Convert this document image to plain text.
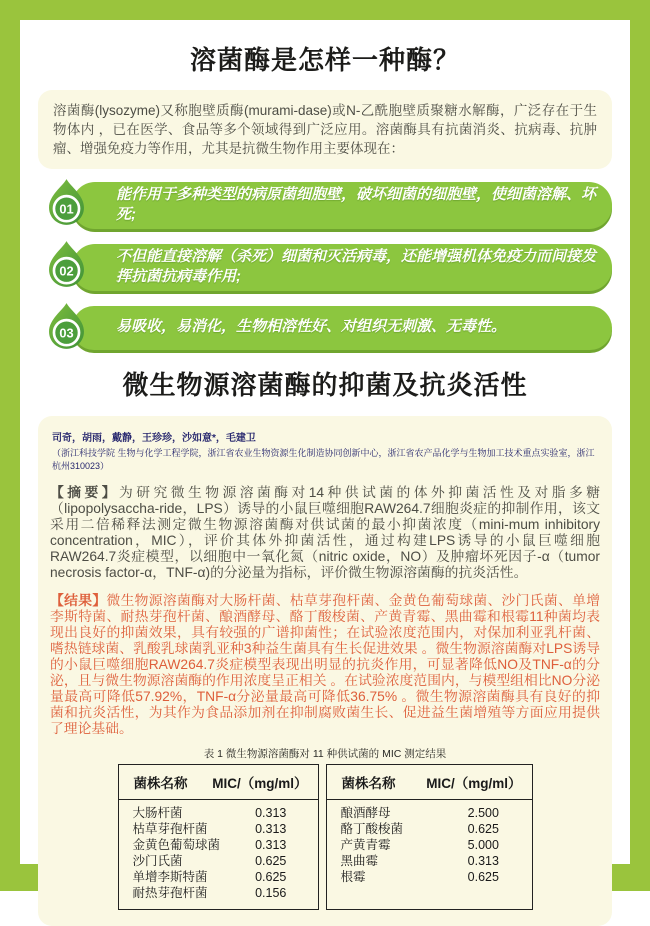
溶菌酶是怎样一种酶？
溶菌酶(lysozyme)又称胞壁质酶(murami-dase)或N-乙酰胞壁质聚糖水解酶，广泛存在于生物体内 ，已在医学、食品等多个领域得到广泛应用。溶菌酶具有抗菌消炎、抗病毒、抗肿瘤、增强免疫力等作用，尤其是抗微生物作用主要体现在：
01
能作用于多种类型的病原菌细胞壁，破坏细菌的细胞壁，使细菌溶解、坏死;
02
不但能直接溶解（杀死）细菌和灭活病毒，还能增强机体免疫力而间接发挥抗菌抗病毒作用;
03	易吸收，易消化，生物相溶性好、对组织无刺激、无毒性。
微生物源溶菌酶的抑菌及抗炎活性
司奇，胡雨，戴静，王珍珍，沙如意*，毛建卫
（浙江科技学院 生物与化学工程学院，浙江省农业生物资源生化制造协同创新中心，浙江省农产品化学与生物加工技术重点实验室，浙江杭州310023）

【摘要】为研究微生物源溶菌酶对14种供试菌的体外抑菌活性及对脂多糖（lipopolysaccha-ride，LPS）诱导的小鼠巨噬细胞RAW264.7细胞炎症的抑制作用，该文采用二倍稀释法测定微生物源溶菌酶对供试菌的最小抑菌浓度（mini-mum inhibitory concentration，MIC），评价其体外抑菌活性，通过构建LPS诱导的小鼠巨噬细胞RAW264.7炎症模型，以细胞中一氧化氮（nitric oxide，NO）及肿瘤坏死因子-α（tumor necrosis factor-α，TNF-α)的分泌量为指标，评价微生物源溶菌酶的抗炎活性。

【结果】微生物源溶菌酶对大肠杆菌、枯草芽孢杆菌、金黄色葡萄球菌、沙门氏菌、单增李斯特菌、耐热芽孢杆菌、酿酒酵母、酪丁酸梭菌、产黄青霉、黑曲霉和根霉11种菌均表现出良好的抑菌效果，具有较强的广谱抑菌性；在试验浓度范围内，对保加利亚乳杆菌、嗜热链球菌、乳酸乳球菌乳亚种3种益生菌具有生长促进效果 。微生物源溶菌酶对LPS诱导的小鼠巨噬细胞RAW264.7炎症模型表现出明显的抗炎作用，可显著降低NO及TNF-α的分泌，且与微生物源溶菌酶的作用浓度呈正相关 。在试验浓度范围内，与模型组相比NO分泌量最高可降低57.92%，TNF-α分泌量最高可降低36.75% 。微生物源溶菌酶具有良好的抑菌和抗炎活性，为其作为食品添加剂在抑制腐败菌生长、促进益生菌增殖等方面应用提供了理论基础。

表 1 微生物源溶菌酶对 11 种供试菌的 MIC 测定结果
菌株名称 MIC/（mg/ml）
大肠杆菌	0.313
枯草芽孢杆菌	0.313
金黄色葡萄球菌	0.313
沙门氏菌	0.625
单增李斯特菌	0.625
耐热芽孢杆菌	0.156
菌株名称 MIC/（mg/ml）
酿酒酵母	2.500
酪丁酸梭菌	0.625
产黄青霉	5.000
黑曲霉	0.313
根霉	0.625
